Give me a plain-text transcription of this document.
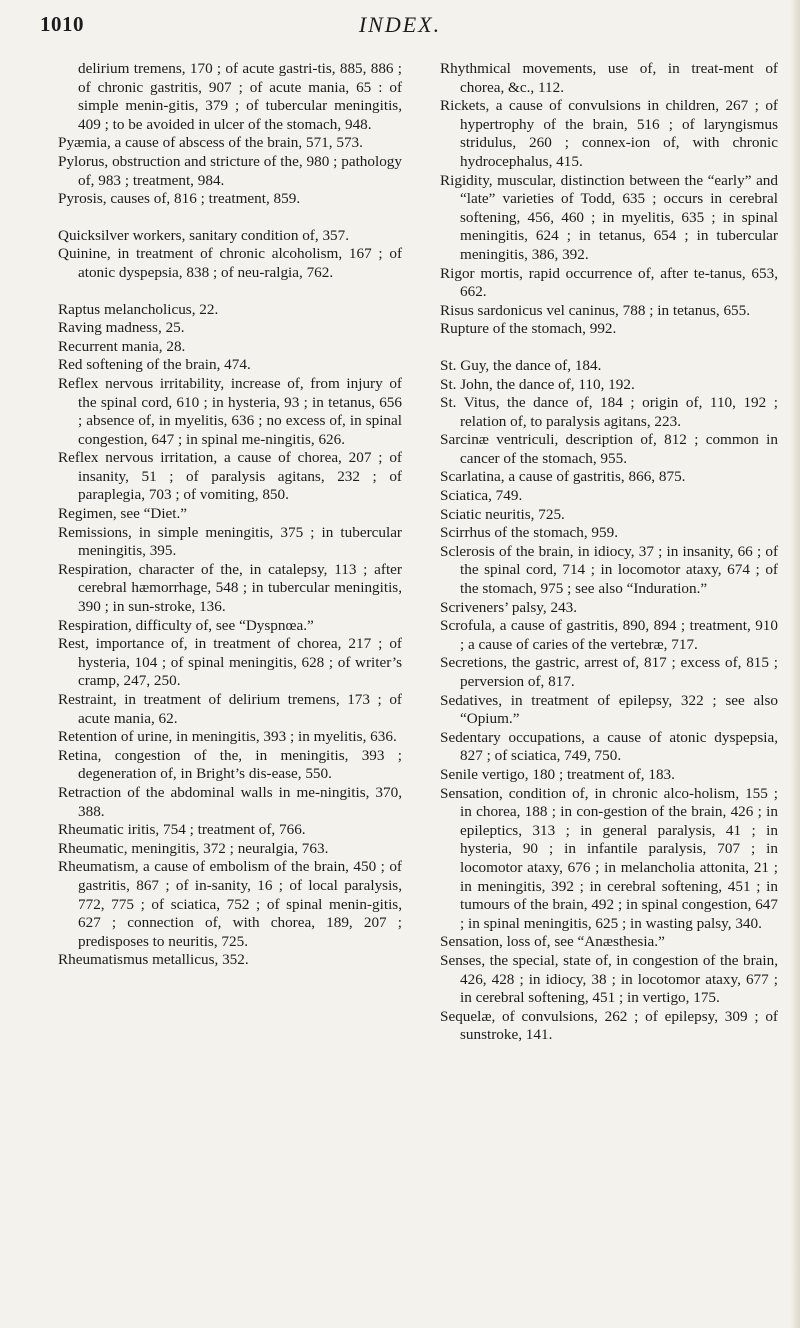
1010	INDEX.

delirium tremens, 170 ; of acute gastri-tis, 885, 886 ; of chronic gastritis, 907 ; of acute mania, 65 : of simple menin-gitis, 379 ; of tubercular meningitis, 409 ; to be avoided in ulcer of the stomach, 948.

Pyæmia, a cause of abscess of the brain, 571, 573.

Pylorus, obstruction and stricture of the, 980 ; pathology of, 983 ; treatment, 984.

Pyrosis, causes of, 816 ; treatment, 859.

Quicksilver workers, sanitary condition of, 357.

Quinine, in treatment of chronic alcoholism, 167 ; of atonic dyspepsia, 838 ; of neu-ralgia, 762.

Raptus melancholicus, 22.

Raving madness, 25.

Recurrent mania, 28.

Red softening of the brain, 474.

Reflex nervous irritability, increase of, from injury of the spinal cord, 610 ; in hysteria, 93 ; in tetanus, 656 ; absence of, in myelitis, 636 ; no excess of, in spinal congestion, 647 ; in spinal me-ningitis, 626.

Reflex nervous irritation, a cause of chorea, 207 ; of insanity, 51 ; of paralysis agitans, 232 ; of paraplegia, 703 ; of vomiting, 850.

Regimen, see “Diet.”

Remissions, in simple meningitis, 375 ; in tubercular meningitis, 395.

Respiration, character of the, in catalepsy, 113 ; after cerebral hæmorrhage, 548 ; in tubercular meningitis, 390 ; in sun-stroke, 136.

Respiration, difficulty of, see “Dyspnœa.”

Rest, importance of, in treatment of chorea, 217 ; of hysteria, 104 ; of spinal meningitis, 628 ; of writer’s cramp, 247, 250.

Restraint, in treatment of delirium tremens, 173 ; of acute mania, 62.

Retention of urine, in meningitis, 393 ; in myelitis, 636.

Retina, congestion of the, in meningitis, 393 ; degeneration of, in Bright’s dis-ease, 550.

Retraction of the abdominal walls in me-ningitis, 370, 388.

Rheumatic iritis, 754 ; treatment of, 766.

Rheumatic, meningitis, 372 ; neuralgia, 763.

Rheumatism, a cause of embolism of the brain, 450 ; of gastritis, 867 ; of in-sanity, 16 ; of local paralysis, 772, 775 ; of sciatica, 752 ; of spinal menin-gitis, 627 ; connection of, with chorea, 189, 207 ; predisposes to neuritis, 725.

Rheumatismus metallicus, 352.

Rhythmical movements, use of, in treat-ment of chorea, &c., 112.

Rickets, a cause of convulsions in children, 267 ; of hypertrophy of the brain, 516 ; of laryngismus stridulus, 260 ; connex-ion of, with chronic hydrocephalus, 415.

Rigidity, muscular, distinction between the “early” and “late” varieties of Todd, 635 ; occurs in cerebral softening, 456, 460 ; in myelitis, 635 ; in spinal meningitis, 624 ; in tetanus, 654 ; in tubercular meningitis, 386, 392.

Rigor mortis, rapid occurrence of, after te-tanus, 653, 662.

Risus sardonicus vel caninus, 788 ; in tetanus, 655.

Rupture of the stomach, 992.

St. Guy, the dance of, 184.

St. John, the dance of, 110, 192.

St. Vitus, the dance of, 184 ; origin of, 110, 192 ; relation of, to paralysis agitans, 223.

Sarcinæ ventriculi, description of, 812 ; common in cancer of the stomach, 955.

Scarlatina, a cause of gastritis, 866, 875.

Sciatica, 749.

Sciatic neuritis, 725.

Scirrhus of the stomach, 959.

Sclerosis of the brain, in idiocy, 37 ; in insanity, 66 ; of the spinal cord, 714 ; in locomotor ataxy, 674 ; of the stomach, 975 ; see also “Induration.”

Scriveners’ palsy, 243.

Scrofula, a cause of gastritis, 890, 894 ; treatment, 910 ; a cause of caries of the vertebræ, 717.

Secretions, the gastric, arrest of, 817 ; excess of, 815 ; perversion of, 817.

Sedatives, in treatment of epilepsy, 322 ; see also “Opium.”

Sedentary occupations, a cause of atonic dyspepsia, 827 ; of sciatica, 749, 750.

Senile vertigo, 180 ; treatment of, 183.

Sensation, condition of, in chronic alco-holism, 155 ; in chorea, 188 ; in con-gestion of the brain, 426 ; in epileptics, 313 ; in general paralysis, 41 ; in hysteria, 90 ; in infantile paralysis, 707 ; in locomotor ataxy, 676 ; in melancholia attonita, 21 ; in meningitis, 392 ; in cerebral softening, 451 ; in tumours of the brain, 492 ; in spinal congestion, 647 ; in spinal meningitis, 625 ; in wasting palsy, 340.

Sensation, loss of, see “Anæsthesia.”

Senses, the special, state of, in congestion of the brain, 426, 428 ; in idiocy, 38 ; in locotomor ataxy, 677 ; in cerebral softening, 451 ; in vertigo, 175.

Sequelæ, of convulsions, 262 ; of epilepsy, 309 ; of sunstroke, 141.
